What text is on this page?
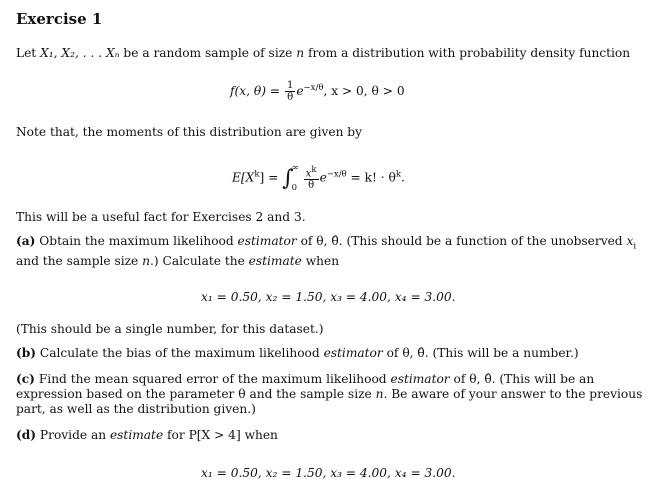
Exercise 1
Let X₁, X₂, . . . Xₙ be a random sample of size n from a distribution with probability density function
f(x, $\theta) = \frac{1}{\theta} e^{-x/\theta}$, x > 0, θ > 0
Note that, the moments of this distribution are given by
$E[X^k]$ = ∫
∞
$0 \frac{x^k}{\theta} e^{-x/\theta} = k$! · $\theta^k$.
This will be a useful fact for Exercises 2 and 3.
(a) Obtain the maximum likelihood estimator of θ, θ̂. (This should be a function of the unobserved $x_i$ and the sample size n.) Calculate the estimate when
x₁ = 0.50, x₂ = 1.50, x₃ = 4.00, x₄ = 3.00.
(This should be a single number, for this dataset.)
(b) Calculate the bias of the maximum likelihood estimator of θ, θ̂. (This will be a number.)
(c) Find the mean squared error of the maximum likelihood estimator of θ, θ̂. (This will be an expression based on the parameter θ and the sample size n. Be aware of your answer to the previous part, as well as the distribution given.)
(d) Provide an estimate for P[X > 4] when
x₁ = 0.50, x₂ = 1.50, x₃ = 4.00, x₄ = 3.00.
